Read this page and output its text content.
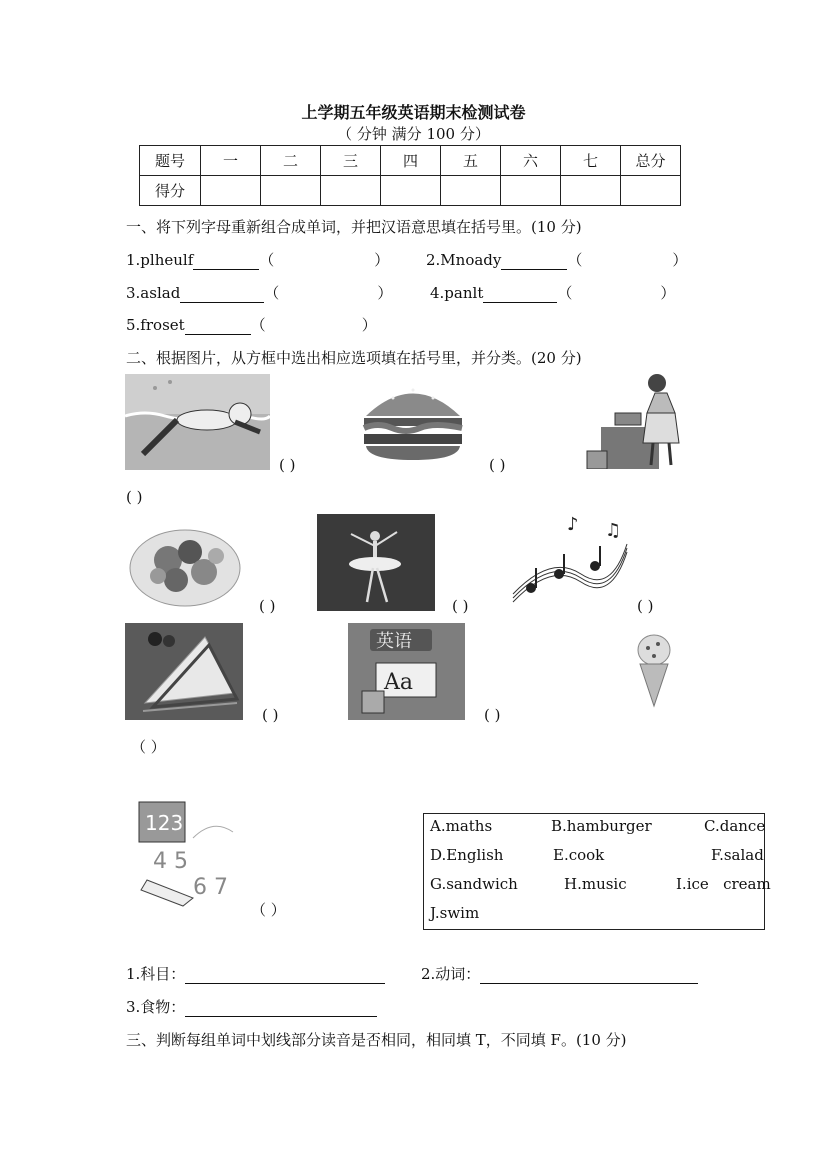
上学期五年级英语期末检测试卷
（ 分钟 满分 100 分）
题号	一	二	三	四	五	六	七	总分
得分								
一、将下列字母重新组合成单词，并把汉语意思填在括号里。(10 分)
1.plheulf	（	） 2.Mnoady	（	）
3.aslad	（	）	4.panlt	（	）
5.froset	（	）
二、根据图片，从方框中选出相应选项填在括号里，并分类。(20 分)
( )	( )
( )
( )	( )
♪ ♫
( )
( )
英语
Aa
( )
（ ）
123
4 5
6 7
（ ）
A.maths	B.hamburger	C.dance
D.English	E.cook	F.salad
G.sandwich	H.music	I.ice   cream
J.swim
1.科目：	2.动词：
3.食物：
三、判断每组单词中划线部分读音是否相同，相同填 T，不同填 F。(10 分)
